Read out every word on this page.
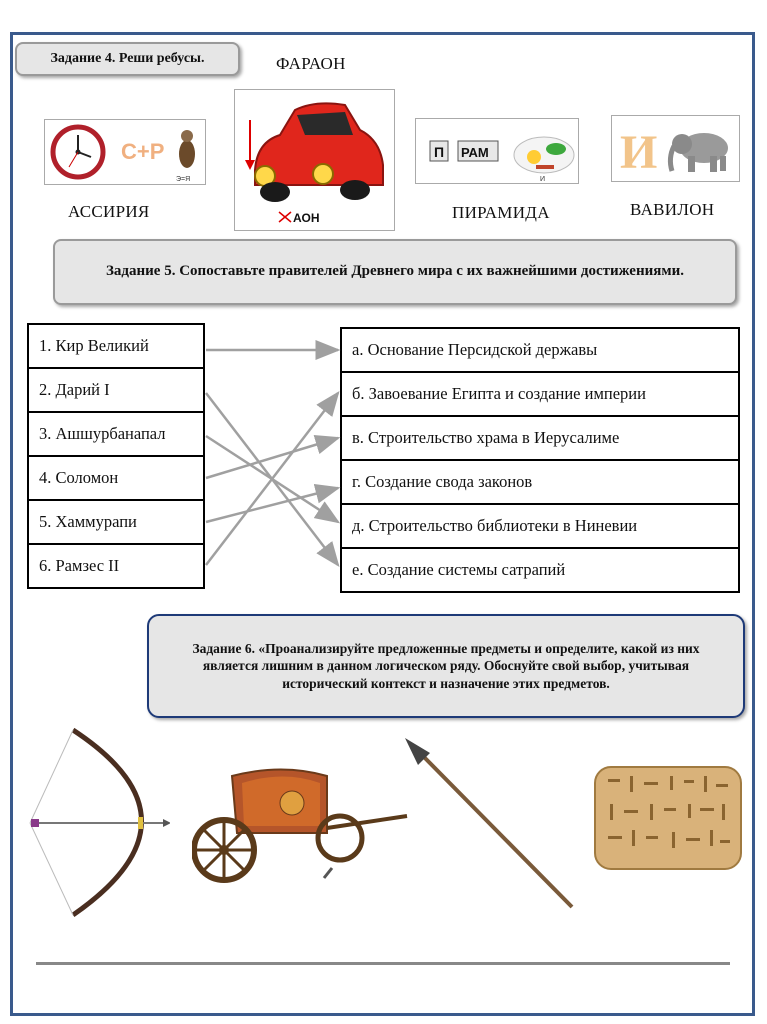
Задание 4. Реши ребусы.	ФАРАОН
АССИРИЯ	ПИРАМИДА	ВАВИЛОН
С+Р
Э=Я
АОН
П РАМ
И
И
Задание 5. Сопоставьте правителей Древнего мира с их важнейшими достижениями.
1. Кир Великий
2. Дарий I
3. Ашшурбанапал
4. Соломон
5. Хаммурапи
6. Рамзес II
а. Основание Персидской державы
б. Завоевание Египта и создание империи
в. Строительство храма в Иерусалиме
г. Создание свода законов
д. Строительство библиотеки в Ниневии
е. Создание системы сатрапий
Задание 6. «Проанализируйте предложенные предметы и определите, какой из них является лишним в данном логическом ряду. Обоснуйте свой выбор, учитывая исторический контекст и назначение этих предметов.
